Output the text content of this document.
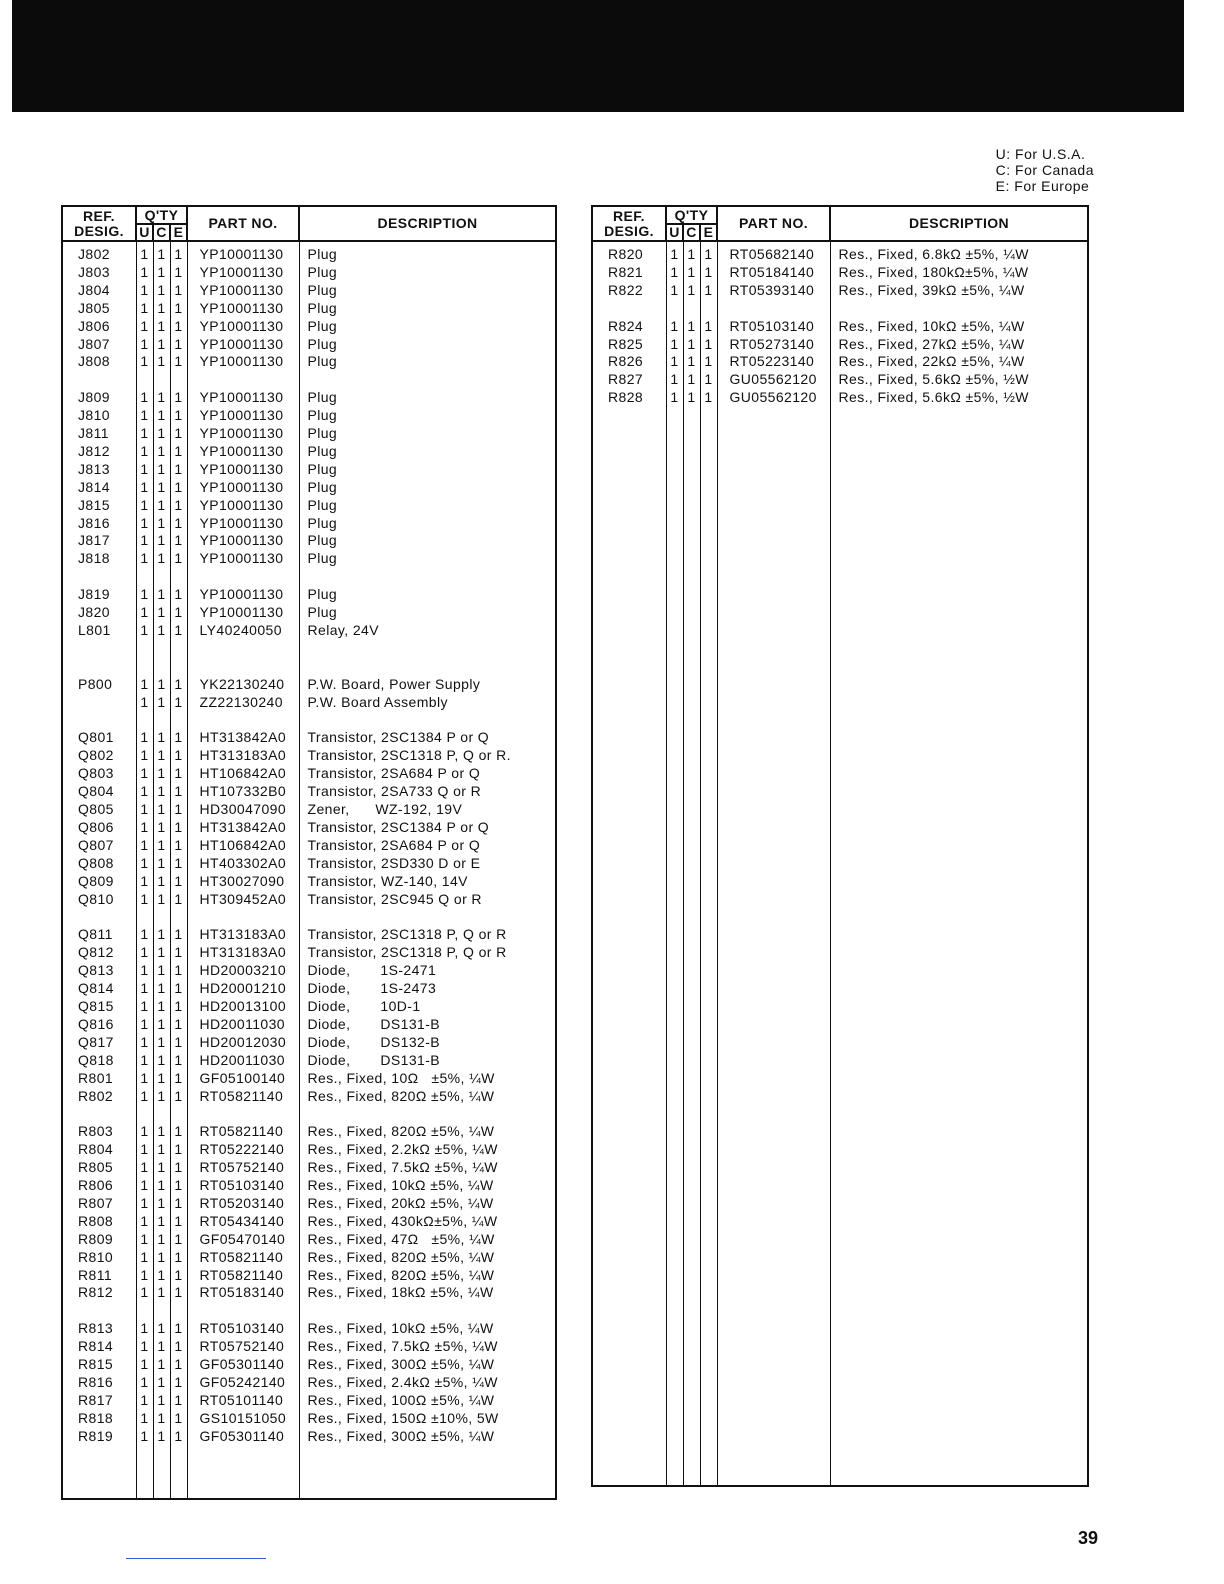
U: For U.S.A.
C: For Canada
E: For Europe
REF.
DESIG.	Q'TY			PART NO.	DESCRIPTION
	U	C	E		
J802	1	1	1	YP10001130	Plug
J803	1	1	1	YP10001130	Plug
J804	1	1	1	YP10001130	Plug
J805	1	1	1	YP10001130	Plug
J806	1	1	1	YP10001130	Plug
J807	1	1	1	YP10001130	Plug
J808	1	1	1	YP10001130	Plug

J809	1	1	1	YP10001130	Plug
J810	1	1	1	YP10001130	Plug
J811	1	1	1	YP10001130	Plug
J812	1	1	1	YP10001130	Plug
J813	1	1	1	YP10001130	Plug
J814	1	1	1	YP10001130	Plug
J815	1	1	1	YP10001130	Plug
J816	1	1	1	YP10001130	Plug
J817	1	1	1	YP10001130	Plug
J818	1	1	1	YP10001130	Plug

J819	1	1	1	YP10001130	Plug
J820	1	1	1	YP10001130	Plug
L801	1	1	1	LY40240050	Relay, 24V

P800	1	1	1	YK22130240	P.W. Board, Power Supply
	1	1	1	ZZ22130240	P.W. Board Assembly

Q801	1	1	1	HT313842A0	Transistor, 2SC1384 P or Q
Q802	1	1	1	HT313183A0	Transistor, 2SC1318 P, Q or R.
Q803	1	1	1	HT106842A0	Transistor, 2SA684 P or Q
Q804	1	1	1	HT107332B0	Transistor, 2SA733 Q or R
Q805	1	1	1	HD30047090	Zener,      WZ-192, 19V
Q806	1	1	1	HT313842A0	Transistor, 2SC1384 P or Q
Q807	1	1	1	HT106842A0	Transistor, 2SA684 P or Q
Q808	1	1	1	HT403302A0	Transistor, 2SD330 D or E
Q809	1	1	1	HT30027090	Transistor, WZ-140, 14V
Q810	1	1	1	HT309452A0	Transistor, 2SC945 Q or R

Q811	1	1	1	HT313183A0	Transistor, 2SC1318 P, Q or R
Q812	1	1	1	HT313183A0	Transistor, 2SC1318 P, Q or R
Q813	1	1	1	HD20003210	Diode,       1S-2471
Q814	1	1	1	HD20001210	Diode,       1S-2473
Q815	1	1	1	HD20013100	Diode,       10D-1
Q816	1	1	1	HD20011030	Diode,       DS131-B
Q817	1	1	1	HD20012030	Diode,       DS132-B
Q818	1	1	1	HD20011030	Diode,       DS131-B
R801	1	1	1	GF05100140	Res., Fixed, 10Ω   ±5%, ¼W
R802	1	1	1	RT05821140	Res., Fixed, 820Ω ±5%, ¼W

R803	1	1	1	RT05821140	Res., Fixed, 820Ω ±5%, ¼W
R804	1	1	1	RT05222140	Res., Fixed, 2.2kΩ ±5%, ¼W
R805	1	1	1	RT05752140	Res., Fixed, 7.5kΩ ±5%, ¼W
R806	1	1	1	RT05103140	Res., Fixed, 10kΩ ±5%, ¼W
R807	1	1	1	RT05203140	Res., Fixed, 20kΩ ±5%, ¼W
R808	1	1	1	RT05434140	Res., Fixed, 430kΩ±5%, ¼W
R809	1	1	1	GF05470140	Res., Fixed, 47Ω   ±5%, ¼W
R810	1	1	1	RT05821140	Res., Fixed, 820Ω ±5%, ¼W
R811	1	1	1	RT05821140	Res., Fixed, 820Ω ±5%, ¼W
R812	1	1	1	RT05183140	Res., Fixed, 18kΩ ±5%, ¼W

R813	1	1	1	RT05103140	Res., Fixed, 10kΩ ±5%, ¼W
R814	1	1	1	RT05752140	Res., Fixed, 7.5kΩ ±5%, ¼W
R815	1	1	1	GF05301140	Res., Fixed, 300Ω ±5%, ¼W
R816	1	1	1	GF05242140	Res., Fixed, 2.4kΩ ±5%, ¼W
R817	1	1	1	RT05101140	Res., Fixed, 100Ω ±5%, ¼W
R818	1	1	1	GS10151050	Res., Fixed, 150Ω ±10%, 5W
R819	1	1	1	GF05301140	Res., Fixed, 300Ω ±5%, ¼W

REF.
DESIG.	Q'TY			PART NO.	DESCRIPTION
	U	C	E		
R820	1	1	1	RT05682140	Res., Fixed, 6.8kΩ ±5%, ¼W
R821	1	1	1	RT05184140	Res., Fixed, 180kΩ±5%, ¼W
R822	1	1	1	RT05393140	Res., Fixed, 39kΩ ±5%, ¼W

R824	1	1	1	RT05103140	Res., Fixed, 10kΩ ±5%, ¼W
R825	1	1	1	RT05273140	Res., Fixed, 27kΩ ±5%, ¼W
R826	1	1	1	RT05223140	Res., Fixed, 22kΩ ±5%, ¼W
R827	1	1	1	GU05562120	Res., Fixed, 5.6kΩ ±5%, ½W
R828	1	1	1	GU05562120	Res., Fixed, 5.6kΩ ±5%, ½W

39
